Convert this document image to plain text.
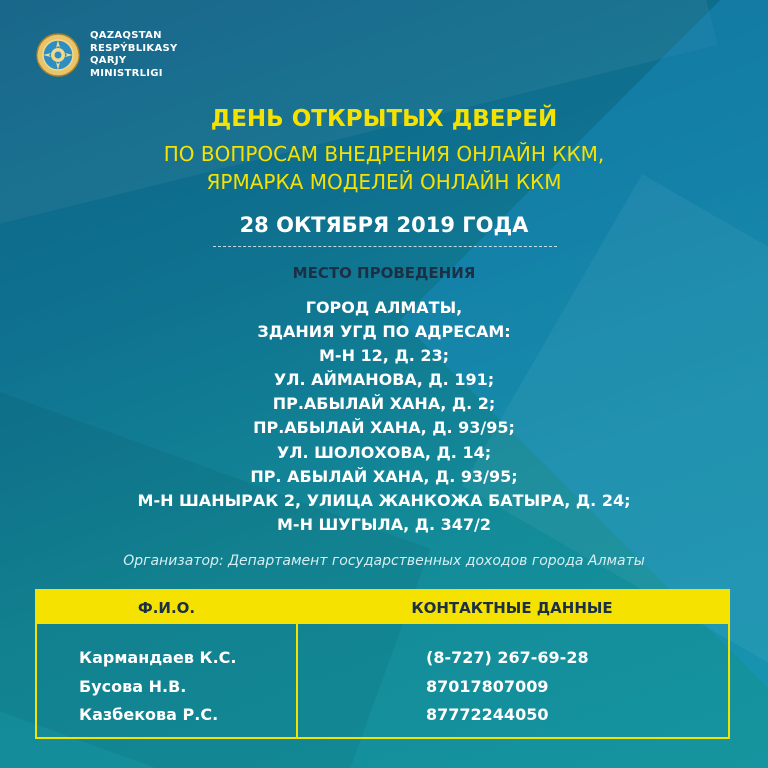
QAZAQSTAN
RESPÝBLIKASY
QARJY
MINISTRLIGI
ДЕНЬ ОТКРЫТЫХ ДВЕРЕЙ
ПО ВОПРОСАМ ВНЕДРЕНИЯ ОНЛАЙН ККМ,
ЯРМАРКА МОДЕЛЕЙ ОНЛАЙН ККМ
28 ОКТЯБРЯ 2019 ГОДА
МЕСТО ПРОВЕДЕНИЯ
ГОРОД АЛМАТЫ,
ЗДАНИЯ УГД ПО АДРЕСАМ:
М-Н 12, Д. 23;
УЛ. АЙМАНОВА, Д. 191;
ПР.АБЫЛАЙ ХАНА, Д. 2;
ПР.АБЫЛАЙ ХАНА, Д. 93/95;
УЛ. ШОЛОХОВА, Д. 14;
ПР. АБЫЛАЙ ХАНА, Д. 93/95;
М-Н ШАНЫРАК 2, УЛИЦА ЖАНКОЖА БАТЫРА, Д. 24;
М-Н ШУГЫЛА, Д. 347/2
Организатор: Департамент государственных доходов города Алматы
Ф.И.О.	КОНТАКТНЫЕ ДАННЫЕ
Кармандаев К.С.
Бусова Н.В.
Казбекова Р.С.
(8-727) 267-69-28
87017807009
87772244050
